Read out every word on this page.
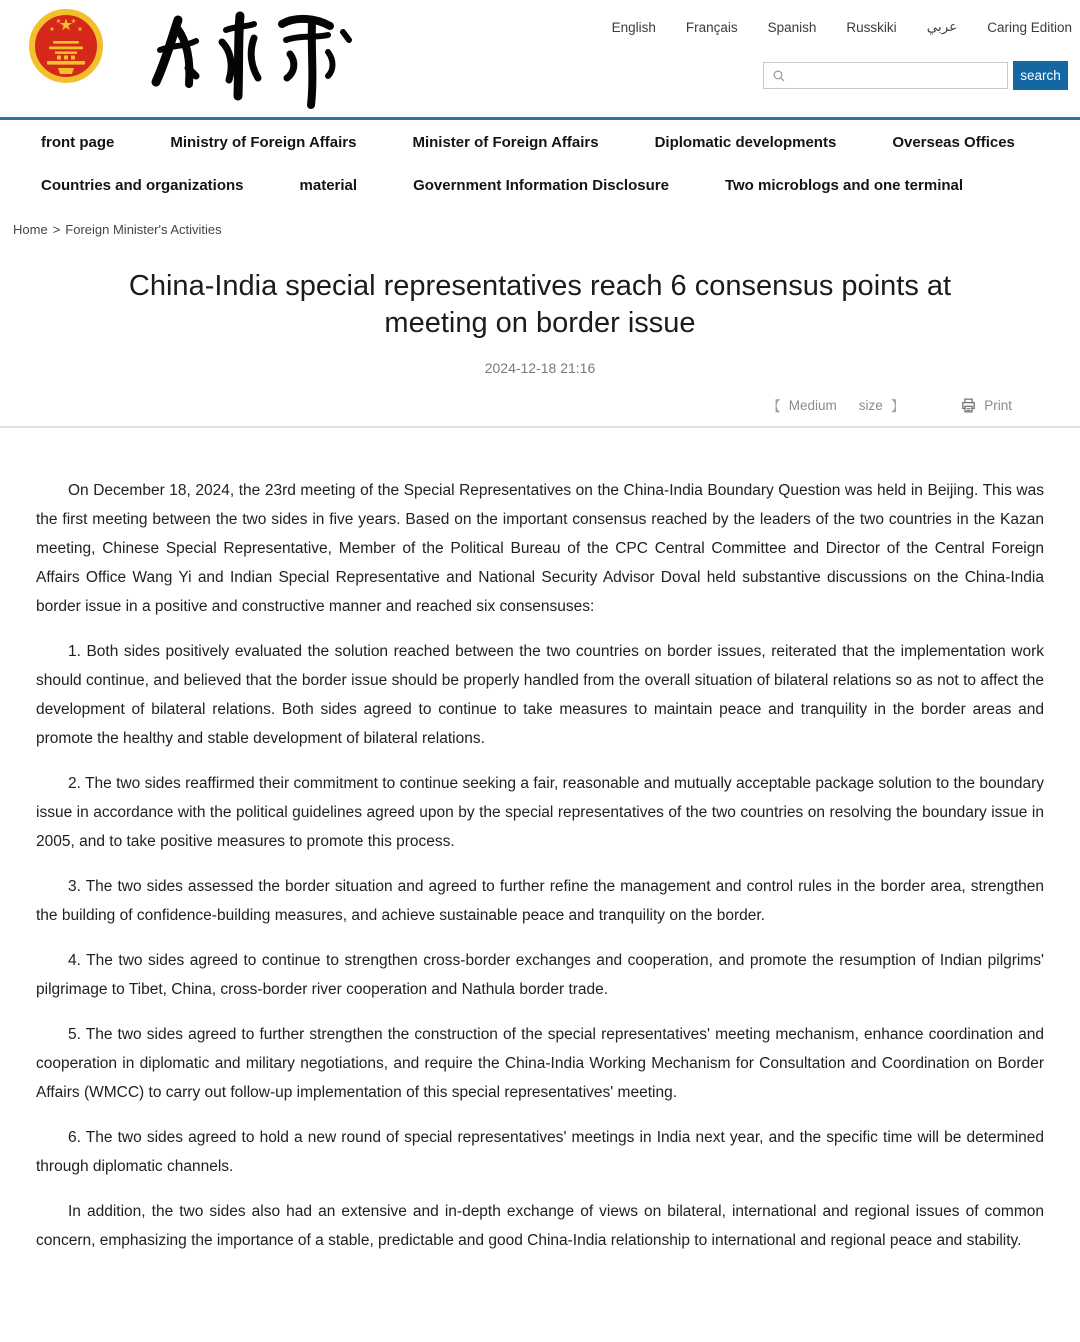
English Français Spanish Russkiki عربي Caring Edition
search
front page	Ministry of Foreign Affairs	Minister of Foreign Affairs	Diplomatic developments	Overseas Offices
Countries and organizations	material	Government Information Disclosure	Two microblogs and one terminal
Home > Foreign Minister's Activities
China-India special representatives reach 6 consensus points at meeting on border issue
2024-12-18 21:16
【 Medium size 】	Print

On December 18, 2024, the 23rd meeting of the Special Representatives on the China-India Boundary Question was held in Beijing. This was the first meeting between the two sides in five years. Based on the important consensus reached by the leaders of the two countries in the Kazan meeting, Chinese Special Representative, Member of the Political Bureau of the CPC Central Committee and Director of the Central Foreign Affairs Office Wang Yi and Indian Special Representative and National Security Advisor Doval held substantive discussions on the China-India border issue in a positive and constructive manner and reached six consensuses:

1. Both sides positively evaluated the solution reached between the two countries on border issues, reiterated that the implementation work should continue, and believed that the border issue should be properly handled from the overall situation of bilateral relations so as not to affect the development of bilateral relations. Both sides agreed to continue to take measures to maintain peace and tranquility in the border areas and promote the healthy and stable development of bilateral relations.

2. The two sides reaffirmed their commitment to continue seeking a fair, reasonable and mutually acceptable package solution to the boundary issue in accordance with the political guidelines agreed upon by the special representatives of the two countries on resolving the boundary issue in 2005, and to take positive measures to promote this process.

3. The two sides assessed the border situation and agreed to further refine the management and control rules in the border area, strengthen the building of confidence-building measures, and achieve sustainable peace and tranquility on the border.

4. The two sides agreed to continue to strengthen cross-border exchanges and cooperation, and promote the resumption of Indian pilgrims' pilgrimage to Tibet, China, cross-border river cooperation and Nathula border trade.

5. The two sides agreed to further strengthen the construction of the special representatives' meeting mechanism, enhance coordination and cooperation in diplomatic and military negotiations, and require the China-India Working Mechanism for Consultation and Coordination on Border Affairs (WMCC) to carry out follow-up implementation of this special representatives' meeting.

6. The two sides agreed to hold a new round of special representatives' meetings in India next year, and the specific time will be determined through diplomatic channels.

In addition, the two sides also had an extensive and in-depth exchange of views on bilateral, international and regional issues of common concern, emphasizing the importance of a stable, predictable and good China-India relationship to international and regional peace and stability.
